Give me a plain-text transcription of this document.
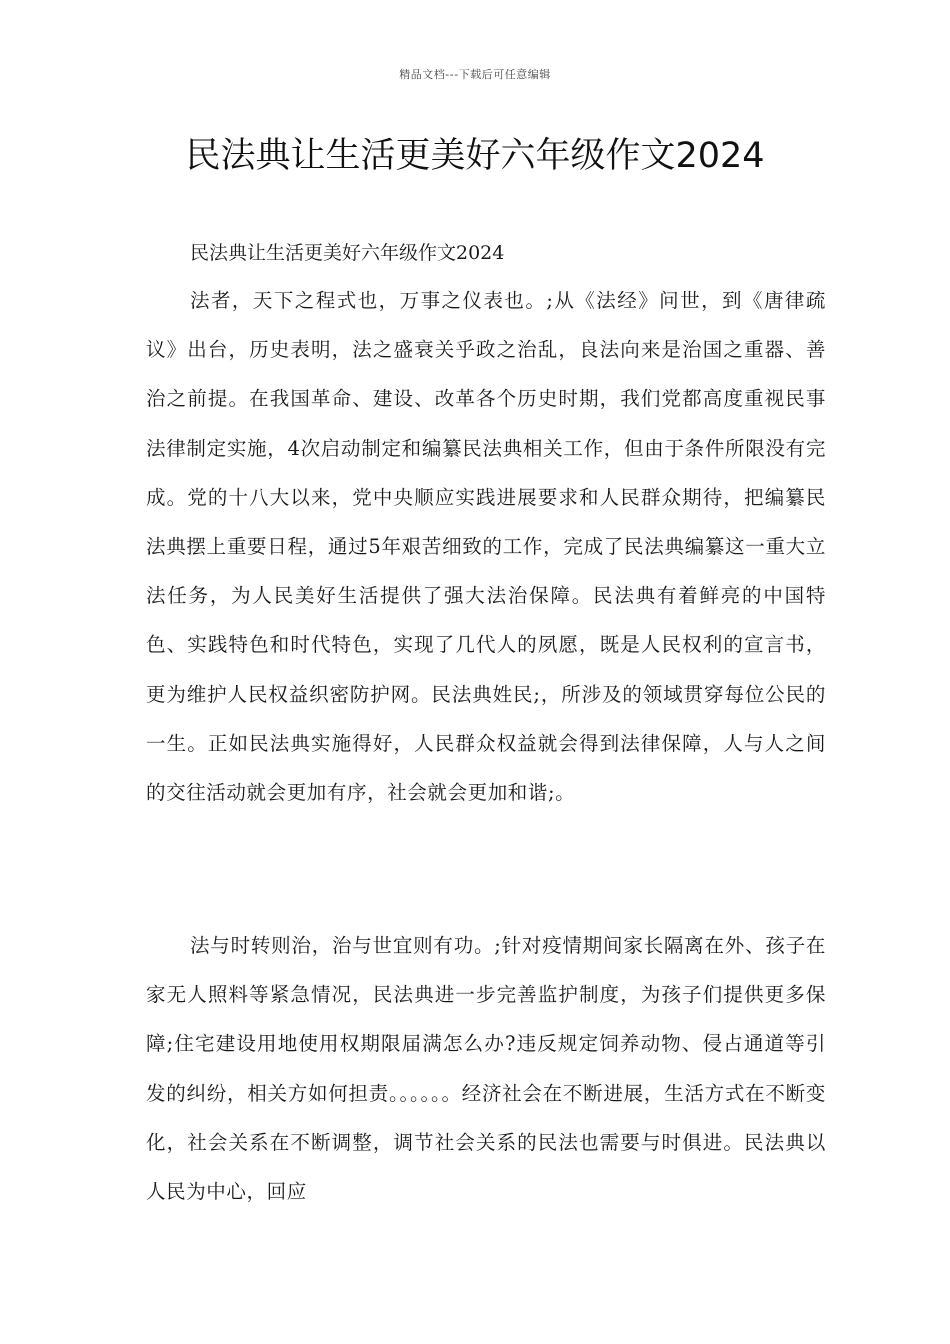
精品文档---下载后可任意编辑
民法典让生活更美好六年级作文2024
民法典让生活更美好六年级作文2024

法者，天下之程式也，万事之仪表也。;从《法经》问世，到《唐律疏议》出台，历史表明，法之盛衰关乎政之治乱，良法向来是治国之重器、善治之前提。在我国革命、建设、改革各个历史时期，我们党都高度重视民事法律制定实施，4次启动制定和编纂民法典相关工作，但由于条件所限没有完成。党的十八大以来，党中央顺应实践进展要求和人民群众期待，把编纂民法典摆上重要日程，通过5年艰苦细致的工作，完成了民法典编纂这一重大立法任务，为人民美好生活提供了强大法治保障。民法典有着鲜亮的中国特色、实践特色和时代特色，实现了几代人的夙愿，既是人民权利的宣言书，更为维护人民权益织密防护网。民法典姓民;，所涉及的领域贯穿每位公民的一生。正如民法典实施得好，人民群众权益就会得到法律保障，人与人之间的交往活动就会更加有序，社会就会更加和谐;。

法与时转则治，治与世宜则有功。;针对疫情期间家长隔离在外、孩子在家无人照料等紧急情况，民法典进一步完善监护制度，为孩子们提供更多保障;住宅建设用地使用权期限届满怎么办?违反规定饲养动物、侵占通道等引发的纠纷，相关方如何担责。。。。。。经济社会在不断进展，生活方式在不断变化，社会关系在不断调整，调节社会关系的民法也需要与时俱进。民法典以人民为中心，回应
